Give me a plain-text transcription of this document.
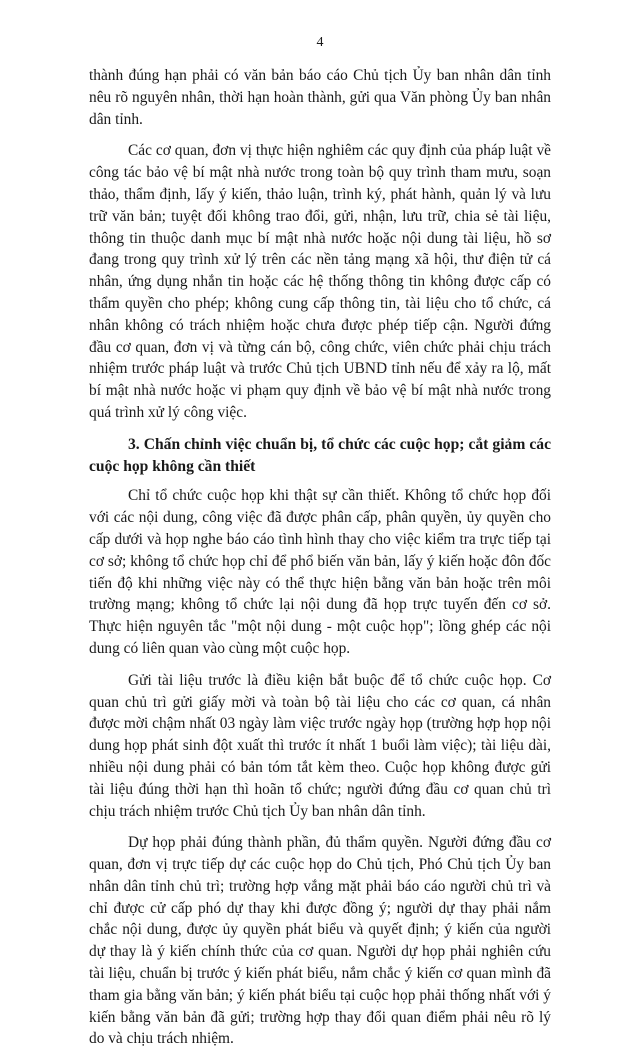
4

thành đúng hạn phải có văn bản báo cáo Chủ tịch Ủy ban nhân dân tỉnh nêu rõ nguyên nhân, thời hạn hoàn thành, gửi qua Văn phòng Ủy ban nhân dân tỉnh.

Các cơ quan, đơn vị thực hiện nghiêm các quy định của pháp luật về công tác bảo vệ bí mật nhà nước trong toàn bộ quy trình tham mưu, soạn thảo, thẩm định, lấy ý kiến, thảo luận, trình ký, phát hành, quản lý và lưu trữ văn bản; tuyệt đối không trao đổi, gửi, nhận, lưu trữ, chia sẻ tài liệu, thông tin thuộc danh mục bí mật nhà nước hoặc nội dung tài liệu, hồ sơ đang trong quy trình xử lý trên các nền tảng mạng xã hội, thư điện tử cá nhân, ứng dụng nhắn tin hoặc các hệ thống thông tin không được cấp có thẩm quyền cho phép; không cung cấp thông tin, tài liệu cho tổ chức, cá nhân không có trách nhiệm hoặc chưa được phép tiếp cận. Người đứng đầu cơ quan, đơn vị và từng cán bộ, công chức, viên chức phải chịu trách nhiệm trước pháp luật và trước Chủ tịch UBND tỉnh nếu để xảy ra lộ, mất bí mật nhà nước hoặc vi phạm quy định về bảo vệ bí mật nhà nước trong quá trình xử lý công việc.

3. Chấn chỉnh việc chuẩn bị, tổ chức các cuộc họp; cắt giảm các cuộc họp không cần thiết

Chỉ tổ chức cuộc họp khi thật sự cần thiết. Không tổ chức họp đối với các nội dung, công việc đã được phân cấp, phân quyền, ủy quyền cho cấp dưới và họp nghe báo cáo tình hình thay cho việc kiểm tra trực tiếp tại cơ sở; không tổ chức họp chỉ để phổ biến văn bản, lấy ý kiến hoặc đôn đốc tiến độ khi những việc này có thể thực hiện bằng văn bản hoặc trên môi trường mạng; không tổ chức lại nội dung đã họp trực tuyến đến cơ sở. Thực hiện nguyên tắc "một nội dung - một cuộc họp"; lồng ghép các nội dung có liên quan vào cùng một cuộc họp.

Gửi tài liệu trước là điều kiện bắt buộc để tổ chức cuộc họp. Cơ quan chủ trì gửi giấy mời và toàn bộ tài liệu cho các cơ quan, cá nhân được mời chậm nhất 03 ngày làm việc trước ngày họp (trường hợp họp nội dung họp phát sinh đột xuất thì trước ít nhất 1 buổi làm việc); tài liệu dài, nhiều nội dung phải có bản tóm tắt kèm theo. Cuộc họp không được gửi tài liệu đúng thời hạn thì hoãn tổ chức; người đứng đầu cơ quan chủ trì chịu trách nhiệm trước Chủ tịch Ủy ban nhân dân tỉnh.

Dự họp phải đúng thành phần, đủ thẩm quyền. Người đứng đầu cơ quan, đơn vị trực tiếp dự các cuộc họp do Chủ tịch, Phó Chủ tịch Ủy ban nhân dân tỉnh chủ trì; trường hợp vắng mặt phải báo cáo người chủ trì và chỉ được cử cấp phó dự thay khi được đồng ý; người dự thay phải nắm chắc nội dung, được ủy quyền phát biểu và quyết định; ý kiến của người dự thay là ý kiến chính thức của cơ quan. Người dự họp phải nghiên cứu tài liệu, chuẩn bị trước ý kiến phát biểu, nắm chắc ý kiến cơ quan mình đã tham gia bằng văn bản; ý kiến phát biểu tại cuộc họp phải thống nhất với ý kiến bằng văn bản đã gửi; trường hợp thay đổi quan điểm phải nêu rõ lý do và chịu trách nhiệm.
